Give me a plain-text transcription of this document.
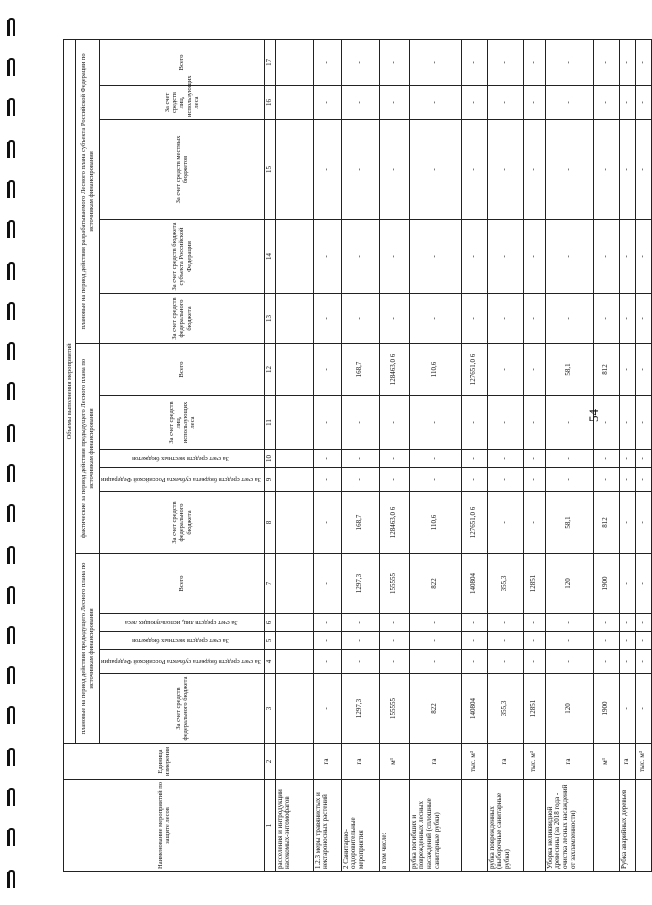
Наименование мероприятий по защите лесов	Единица измерения	Объемы выполнения мероприятий														
		плановые на период действия предыдущего Лесного плана по источникам финансирования					фактические за период действия предыдущего Лесного плана по источникам финансирования					плановые на период действия разрабатываемого Лесного плана субъекта Российской Федерации по источникам финансирования				
		За счет средств федерального бюджета	За счет средств бюджета субъекта Российской Федерации	За счет средств местных бюджетов	За счет средств лиц, использующих леса	Всего	За счет средств федерального бюджета	За счет средств бюджета субъекта Российской Федерации	За счет средств местных бюджетов	За счет средств лиц, использующих леса	Всего	За счет средств федерального бюджета	За счет средств бюджета субъекта Российской Федерации	За счет средств местных бюджетов	За счет средств лиц, использующих леса	Всего
1	2	3	4	5	6	7	8	9	10	11	12	13	14	15	16	17
расселения и интродукции насекомых-энтомофагов																
1.2.3 меры травянистых и нектароносных растений	га	-	-	-	-	-	-	-	-	-	-	-	-	-	-	-
2 Санитарно-оздоровительные мероприятия	га	1297,3	-	-	-	1297,3	168,7	-	-	-	168,7	-	-	-	-	-
в том числе:	м³	155555	-	-	-	155555	128463,0 6	-	-	-	128463,0 6	-	-	-	-	-
рубка погибших и поврежденных лесных насаждений (сплошные санитарные рубки)	га	822	-	-	-	822	110,6	-	-	-	110,6	-	-	-	-	-
	тыс. м³	140804	-	-	-	140804	127651,0 6	-	-	-	127651,0 6	-	-	-	-	-
рубка поврежденных (выборочные санитарные рубки)	га	355,3	-	-	-	355,3	-	-	-	-	-	-	-	-	-	-
	тыс. м³	12851	-	-	-	12851	-	-	-	-	-	-	-	-	-	-
Уборка неликвидной древесины (за 2018 года - очистка лесных насаждений от захламленности)	га	120	-	-	-	120	58,1	-	-	-	58,1	-	-	-	-	-
	м³	1900	-	-	-	1900	812	-	-	-	812	-	-	-	-	-
Рубка аварийных деревьев	га	-	-	-	-	-	-	-	-	-	-	-	-	-	-	-
	тыс. м³	-	-	-	-	-	-	-	-	-	-	-	-	-	-	-
54
